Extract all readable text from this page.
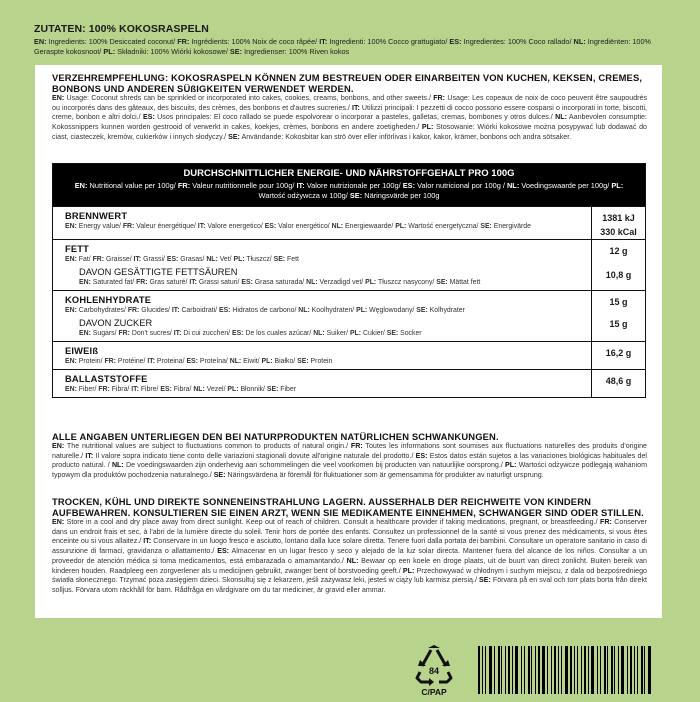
ZUTATEN: 100% KOKOSRASPELN
EN: Ingredients: 100% Desiccated coconut/ FR: Ingrédients: 100% Noix de coco râpée/ IT: Ingredienti: 100% Cocco grattugiato/ ES: Ingredientes: 100% Coco rallado/ NL: Ingrediënten: 100% Geraspte kokosnoot/ PL: Składniki: 100% Wiórki kokosowe/ SE: Ingredienser: 100% Riven kokos
VERZEHREMPFEHLUNG: KOKOSRASPELN KÖNNEN ZUM BESTREUEN ODER EINARBEITEN VON KUCHEN, KEKSEN, CREMES, BONBONS UND ANDEREN SÜßIGKEITEN VERWENDET WERDEN.
EN: Usage: Coconut shreds can be sprinkled or incorporated into cakes, cookies, creams, bonbons, and other sweets./ FR: Usage: Les copeaux de noix de coco peuvent être saupoudrés ou incorporés dans des gâteaux, des biscuits, des crèmes, des bonbons et d'autres sucreries./ IT: Utilizzi principali: I pezzetti di cocco possono essere cosparsi o incorporati in torte, biscotti, creme, bonbon e altri dolci./ ES: Usos principales: El coco rallado se puede espolvorear o incorporar a pasteles, galletas, cremas, bombones y otros dulces./ NL: Aanbevolen consumptie: Kokossnippers kunnen worden gestrooid of verwerkt in cakes, koekjes, crèmes, bonbons en andere zoetigheden./ PL: Stosowanie: Wiórki kokosowe można posypywać lub dodawać do ciast, ciasteczek, kremów, cukierków i innych słodyczy./ SE: Användande: Kokosbitar kan strö över eller införlivas i kakor, kakor, krämer, bonbons och andra sötsaker.
DURCHSCHNITTLICHER ENERGIE- UND NÄHRSTOFFGEHALT PRO 100G
EN: Nutritional value per 100g/ FR: Valeur nutritionnelle pour 100g/ IT: Valore nutrizionale per 100g/ ES: Valor nutricional por 100g / NL: Voedingswaarde per 100g/ PL: Wartość odżywcza w 100g/ SE: Näringsvärde per 100g
BRENNWERT
EN: Energy value/ FR: Valeur énergétique/ IT: Valore energetico/ ES: Valor energético/ NL: Energiewaarde/ PL: Wartość energetyczna/ SE: Energivärde
1381 kJ
330 kCal
FETT
EN: Fat/ FR: Graisse/ IT: Grassi/ ES: Grasas/ NL: Vet/ PL: Tłuszcz/ SE: Fett
DAVON GESÄTTIGTE FETTSÄUREN
EN: Saturated fat/ FR: Gras saturé/ IT: Grassi saturi/ ES: Grasa saturada/ NL: Verzadigd vet/ PL: Tłuszcz nasycony/ SE: Mättat fett
12 g
10,8 g
KOHLENHYDRATE
EN: Carbohydrates/ FR: Glucides/ IT: Carboidrati/ ES: Hidratos de carbono/ NL: Koolhydraten/ PL: Węglowodany/ SE: Kolhydrater
DAVON ZUCKER
EN: Sugars/ FR: Don't sucres/ IT: Di cui zuccheri/ ES: De los cuales azúcar/ NL: Suiker/ PL: Cukier/ SE: Socker
15 g
15 g
EIWEIß
EN: Protein/ FR: Protéine/ IT: Proteina/ ES: Proteína/ NL: Eiwit/ PL: Białko/ SE: Protein
16,2 g
BALLASTSTOFFE
EN: Fiber/ FR: Fibra/ IT: Fibre/ ES: Fibra/ NL: Vezel/ PL: Błonnik/ SE: Fiber
48,6 g
ALLE ANGABEN UNTERLIEGEN DEN BEI NATURPRODUKTEN NATÜRLICHEN SCHWANKUNGEN.
EN: The nutritional values are subject to fluctuations common to products of natural origin./ FR: Toutes les informations sont soumises aux fluctuations naturelles des produits d'origine naturelle./ IT: Il valore sopra indicato tiene conto delle variazioni stagionali dovute all'origine naturale del prodotto./ ES: Estos datos están sujetos a las variaciones biológicas habituales del producto natural. / NL: De voedingswaarden zijn onderhevig aan schommelingen die veel voorkomen bij producten van natuurlijke oorsprong./ PL: Wartości odżywcze podlegają wahaniom typowym dla produktów pochodzenia naturalnego./ SE: Näringsvärdena är föremål för fluktuationer som är gemensamma för produkter av naturligt ursprung.
TROCKEN, KÜHL UND DIREKTE SONNENEINSTRAHLUNG LAGERN. AUSSERHALB DER REICHWEITE VON KINDERN AUFBEWAHREN. KONSULTIEREN SIE EINEN ARZT, WENN SIE MEDIKAMENTE EINNEHMEN, SCHWANGER SIND ODER STILLEN.
EN: Store in a cool and dry place away from direct sunlight. Keep out of reach of children. Consult a healthcare provider if taking medications, pregnant, or breastfeeding./ FR: Conserver dans un endroit frais et sec, à l'abri de la lumière directe du soleil. Tenir hors de portée des enfants. Consultez un professionnel de la santé si vous prenez des médicaments, si vous êtes enceinte ou si vous allaitez./ IT: Conservare in un luogo fresco e asciutto, lontano dalla luce solare diretta. Tenere fuori dalla portata dei bambini. Consultare un operatore sanitario in caso di assunzione di farmaci, gravidanza o allattamento./ ES: Almacenar en un lugar fresco y seco y alejado de la luz solar directa. Mantener fuera del alcance de los niños. Consultar a un proveedor de atención médica si toma medicamentos, está embarazada o amamantando./ NL: Bewaar op een koele en droge plaats, uit de buurt van direct zonlicht. Buiten bereik van kinderen houden. Raadpleeg een zorgverlener als u medicijnen gebruikt, zwanger bent of borstvoeding geeft./ PL: Przechowywać w chłodnym i suchym miejscu, z dala od bezpośredniego światła słonecznego. Trzymać poza zasięgiem dzieci. Skonsultuj się z lekarzem, jeśli zażywasz leki, jesteś w ciąży lub karmisz piersią./ SE: Förvara på en sval och torr plats borta från direkt solljus. Förvara utom räckhåll för barn. Rådfråga en vårdgivare om du tar mediciner, är gravid eller ammar.
84
C/PAP
